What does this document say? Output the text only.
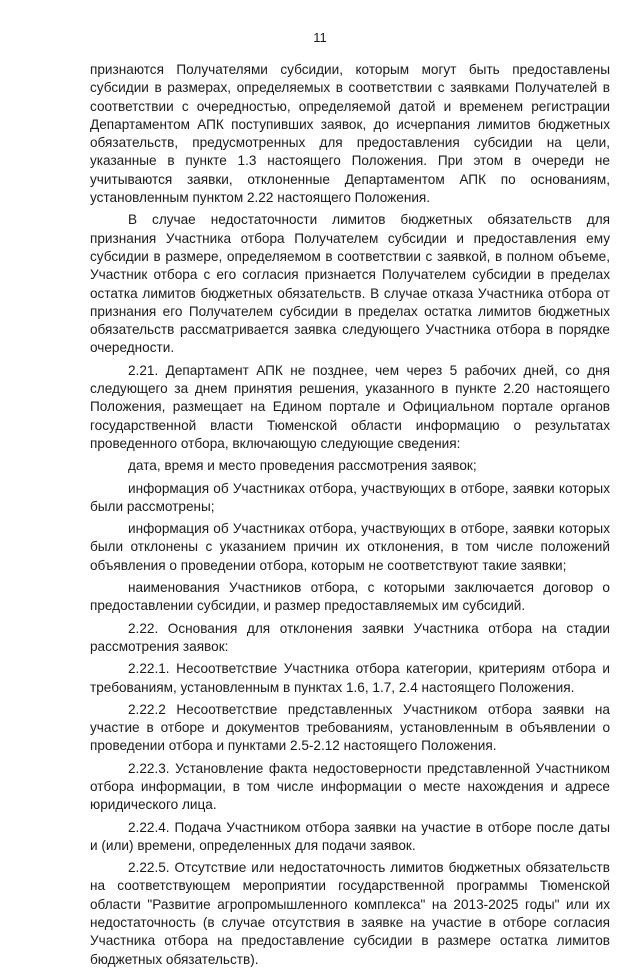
11

признаются Получателями субсидии, которым могут быть предоставлены субсидии в размерах, определяемых в соответствии с заявками Получателей в соответствии с очередностью, определяемой датой и временем регистрации Департаментом АПК поступивших заявок, до исчерпания лимитов бюджетных обязательств, предусмотренных для предоставления субсидии на цели, указанные в пункте 1.3 настоящего Положения. При этом в очереди не учитываются заявки, отклоненные Департаментом АПК по основаниям, установленным пунктом 2.22 настоящего Положения.

В случае недостаточности лимитов бюджетных обязательств для признания Участника отбора Получателем субсидии и предоставления ему субсидии в размере, определяемом в соответствии с заявкой, в полном объеме, Участник отбора с его согласия признается Получателем субсидии в пределах остатка лимитов бюджетных обязательств. В случае отказа Участника отбора от признания его Получателем субсидии в пределах остатка лимитов бюджетных обязательств рассматривается заявка следующего Участника отбора в порядке очередности.

2.21. Департамент АПК не позднее, чем через 5 рабочих дней, со дня следующего за днем принятия решения, указанного в пункте 2.20 настоящего Положения, размещает на Едином портале и Официальном портале органов государственной власти Тюменской области информацию о результатах проведенного отбора, включающую следующие сведения:

дата, время и место проведения рассмотрения заявок;

информация об Участниках отбора, участвующих в отборе, заявки которых были рассмотрены;

информация об Участниках отбора, участвующих в отборе, заявки которых были отклонены с указанием причин их отклонения, в том числе положений объявления о проведении отбора, которым не соответствуют такие заявки;

наименования Участников отбора, с которыми заключается договор о предоставлении субсидии, и размер предоставляемых им субсидий.

2.22. Основания для отклонения заявки Участника отбора на стадии рассмотрения заявок:

2.22.1. Несоответствие Участника отбора категории, критериям отбора и требованиям, установленным в пунктах 1.6, 1.7, 2.4 настоящего Положения.

2.22.2 Несоответствие представленных Участником отбора заявки на участие в отборе и документов требованиям, установленным в объявлении о проведении отбора и пунктами 2.5-2.12 настоящего Положения.

2.22.3. Установление факта недостоверности представленной Участником отбора информации, в том числе информации о месте нахождения и адресе юридического лица.

2.22.4. Подача Участником отбора заявки на участие в отборе после даты и (или) времени, определенных для подачи заявок.

2.22.5. Отсутствие или недостаточность лимитов бюджетных обязательств на соответствующем мероприятии государственной программы Тюменской области "Развитие агропромышленного комплекса" на 2013-2025 годы" или их недостаточность (в случае отсутствия в заявке на участие в отборе согласия Участника отбора на предоставление субсидии в размере остатка лимитов бюджетных обязательств).
